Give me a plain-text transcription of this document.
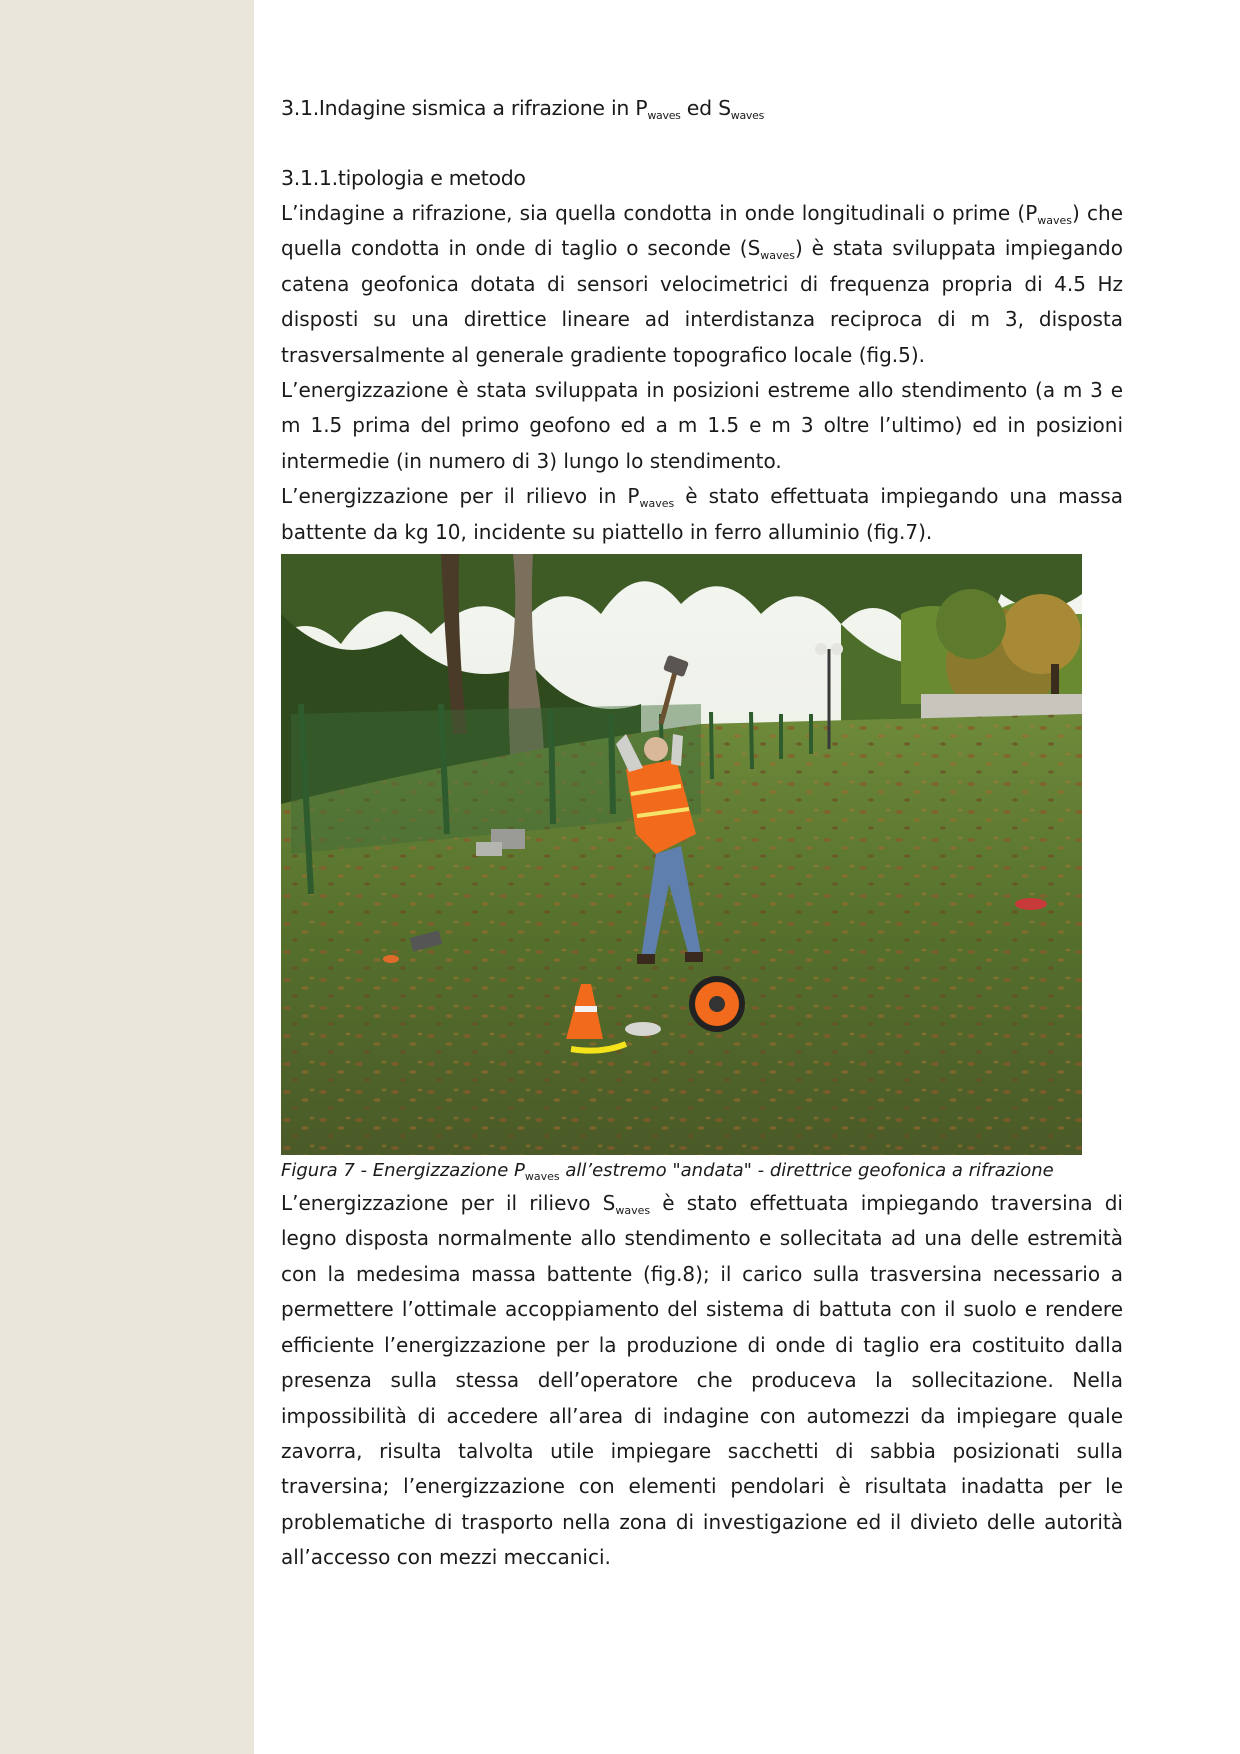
3.1.Indagine sismica a rifrazione in $P_{waves}$ ed $S_{waves}$
3.1.1.tipologia e metodo

L’indagine a rifrazione, sia quella condotta in onde longitudinali o prime $(P_{waves})$ che quella condotta in onde di taglio o seconde $(S_{waves})$ è stata sviluppata impiegando catena geofonica dotata di sensori velocimetrici di frequenza propria di 4.5 Hz disposti su una direttice lineare ad interdistanza reciproca di m 3, disposta trasversalmente al generale gradiente topografico locale (fig.5).

L’energizzazione è stata sviluppata in posizioni estreme allo stendimento (a m 3 e m 1.5 prima del primo geofono ed a m 1.5 e m 3 oltre l’ultimo) ed in posizioni intermedie (in numero di 3) lungo lo stendimento.

L’energizzazione per il rilievo in $P_{waves}$ è stato effettuata impiegando una massa battente da kg 10, incidente su piattello in ferro alluminio (fig.7).

Figura 7 - Energizzazione $P_{waves}$ all’estremo "andata" - direttrice geofonica a rifrazione

L’energizzazione per il rilievo $S_{waves}$ è stato effettuata impiegando traversina di legno disposta normalmente allo stendimento e sollecitata ad una delle estremità con la medesima massa battente (fig.8); il carico sulla trasversina necessario a permettere l’ottimale accoppiamento del sistema di battuta con il suolo e rendere efficiente l’energizzazione per la produzione di onde di taglio era costituito dalla presenza sulla stessa dell’operatore che produceva la sollecitazione. Nella impossibilità di accedere all’area di indagine con automezzi da impiegare quale zavorra, risulta talvolta utile impiegare sacchetti di sabbia posizionati sulla traversina; l’energizzazione con elementi pendolari è risultata inadatta per le problematiche di trasporto nella zona di investigazione ed il divieto delle autorità all’accesso con mezzi meccanici.
